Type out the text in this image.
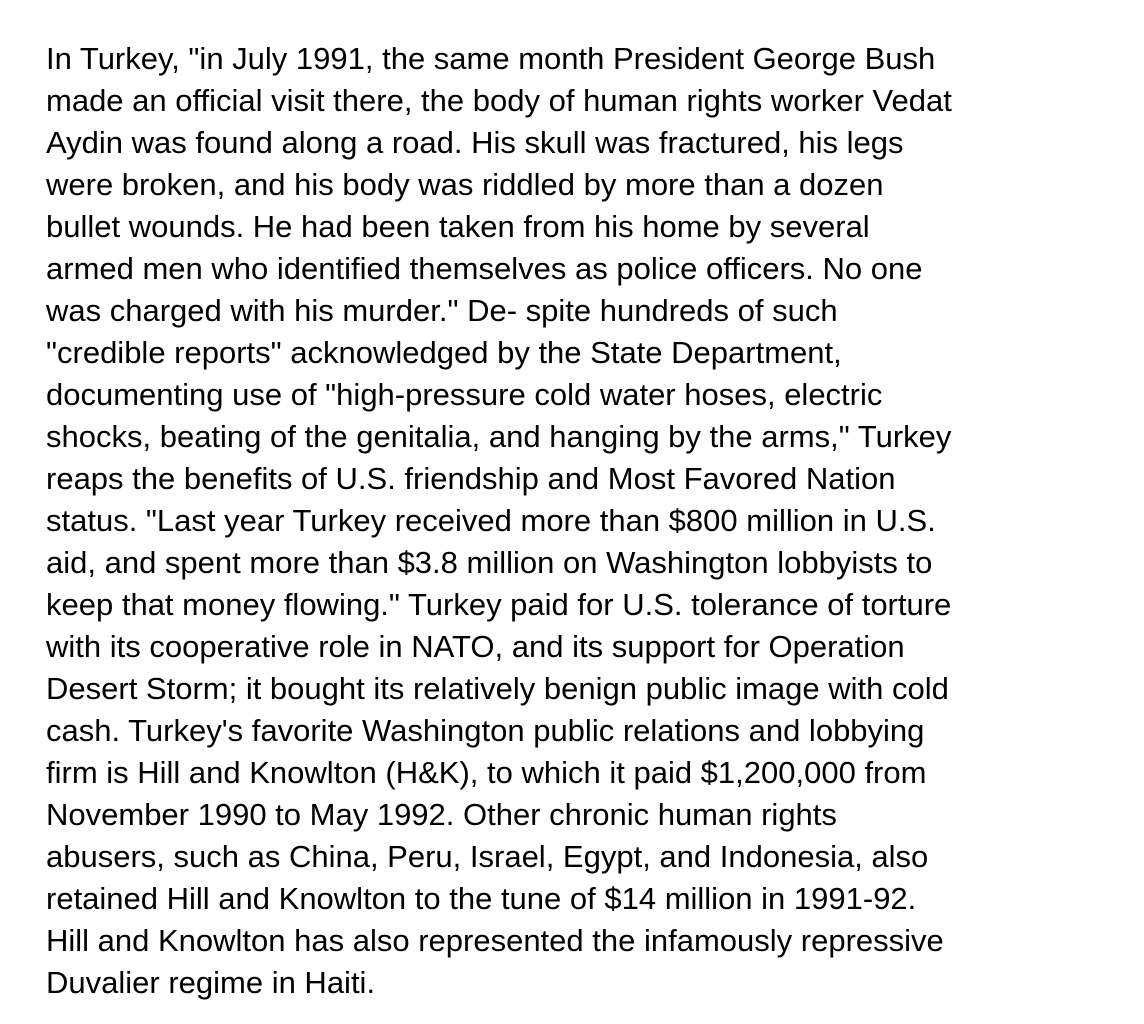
In Turkey, "in July 1991, the same month President George Bush
made an official visit there, the body of human rights worker Vedat
Aydin was found along a road. His skull was fractured, his legs
were broken, and his body was riddled by more than a dozen
bullet wounds. He had been taken from his home by several
armed men who identified themselves as police officers. No one
was charged with his murder." De- spite hundreds of such
"credible reports" acknowledged by the State Department,
documenting use of "high-pressure cold water hoses, electric
shocks, beating of the genitalia, and hanging by the arms," Turkey
reaps the benefits of U.S. friendship and Most Favored Nation
status. "Last year Turkey received more than $800 million in U.S.
aid, and spent more than $3.8 million on Washington lobbyists to
keep that money flowing." Turkey paid for U.S. tolerance of torture
with its cooperative role in NATO, and its support for Operation
Desert Storm; it bought its relatively benign public image with cold
cash. Turkey's favorite Washington public relations and lobbying
firm is Hill and Knowlton (H&K), to which it paid $1,200,000 from
November 1990 to May 1992. Other chronic human rights
abusers, such as China, Peru, Israel, Egypt, and Indonesia, also
retained Hill and Knowlton to the tune of $14 million in 1991-92.
Hill and Knowlton has also represented the infamously repressive
Duvalier regime in Haiti.
